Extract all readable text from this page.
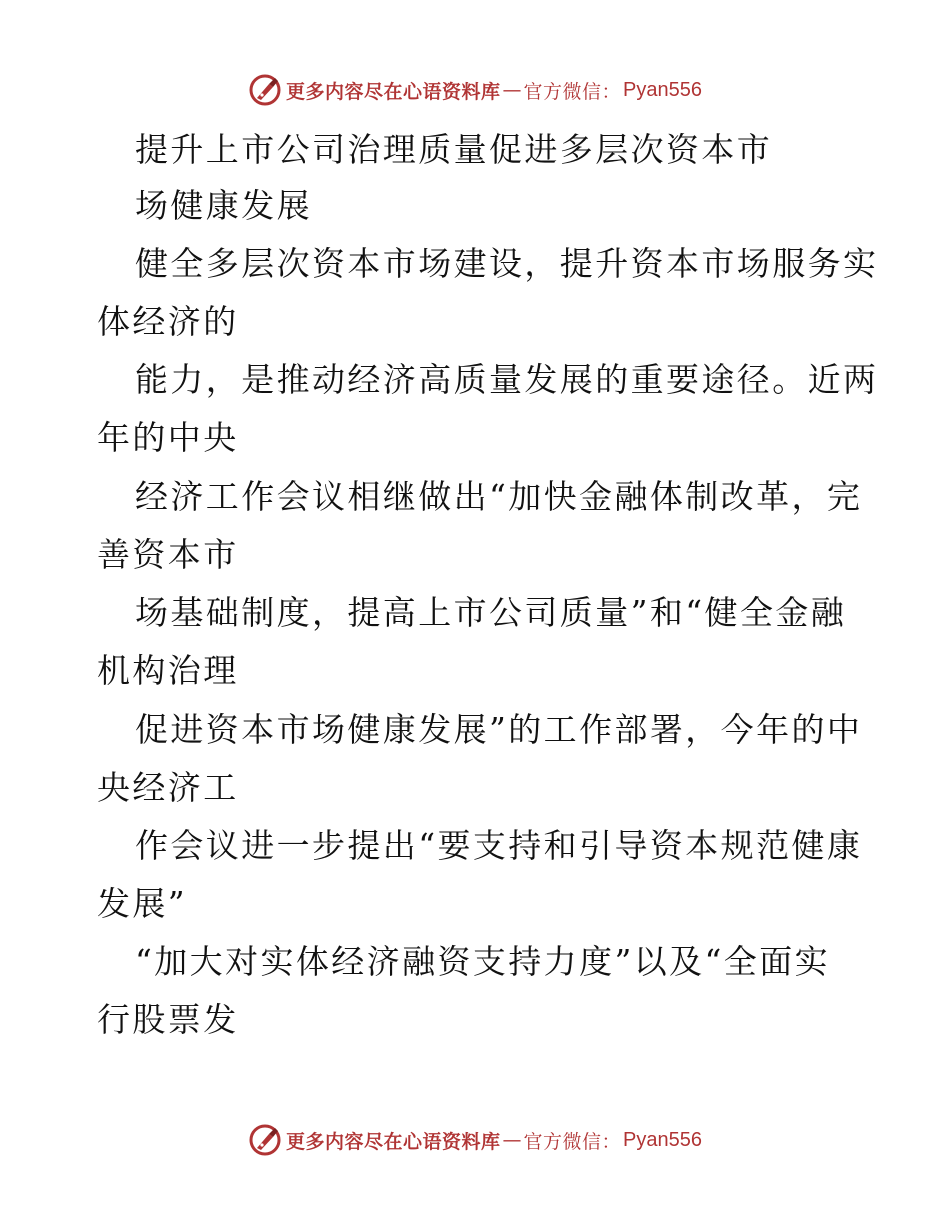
更多内容尽在心语资料库 — 官方微信： Pyan556
提升上市公司治理质量促进多层次资本市
场健康发展
健全多层次资本市场建设，提升资本市场服务实
体经济的
能力，是推动经济高质量发展的重要途径。近两
年的中央
经济工作会议相继做出“加快金融体制改革，完
善资本市
场基础制度，提高上市公司质量”和“健全金融
机构治理
促进资本市场健康发展”的工作部署，今年的中
央经济工
作会议进一步提出“要支持和引导资本规范健康
发展”
“加大对实体经济融资支持力度”以及“全面实
行股票发
更多内容尽在心语资料库 — 官方微信： Pyan556
